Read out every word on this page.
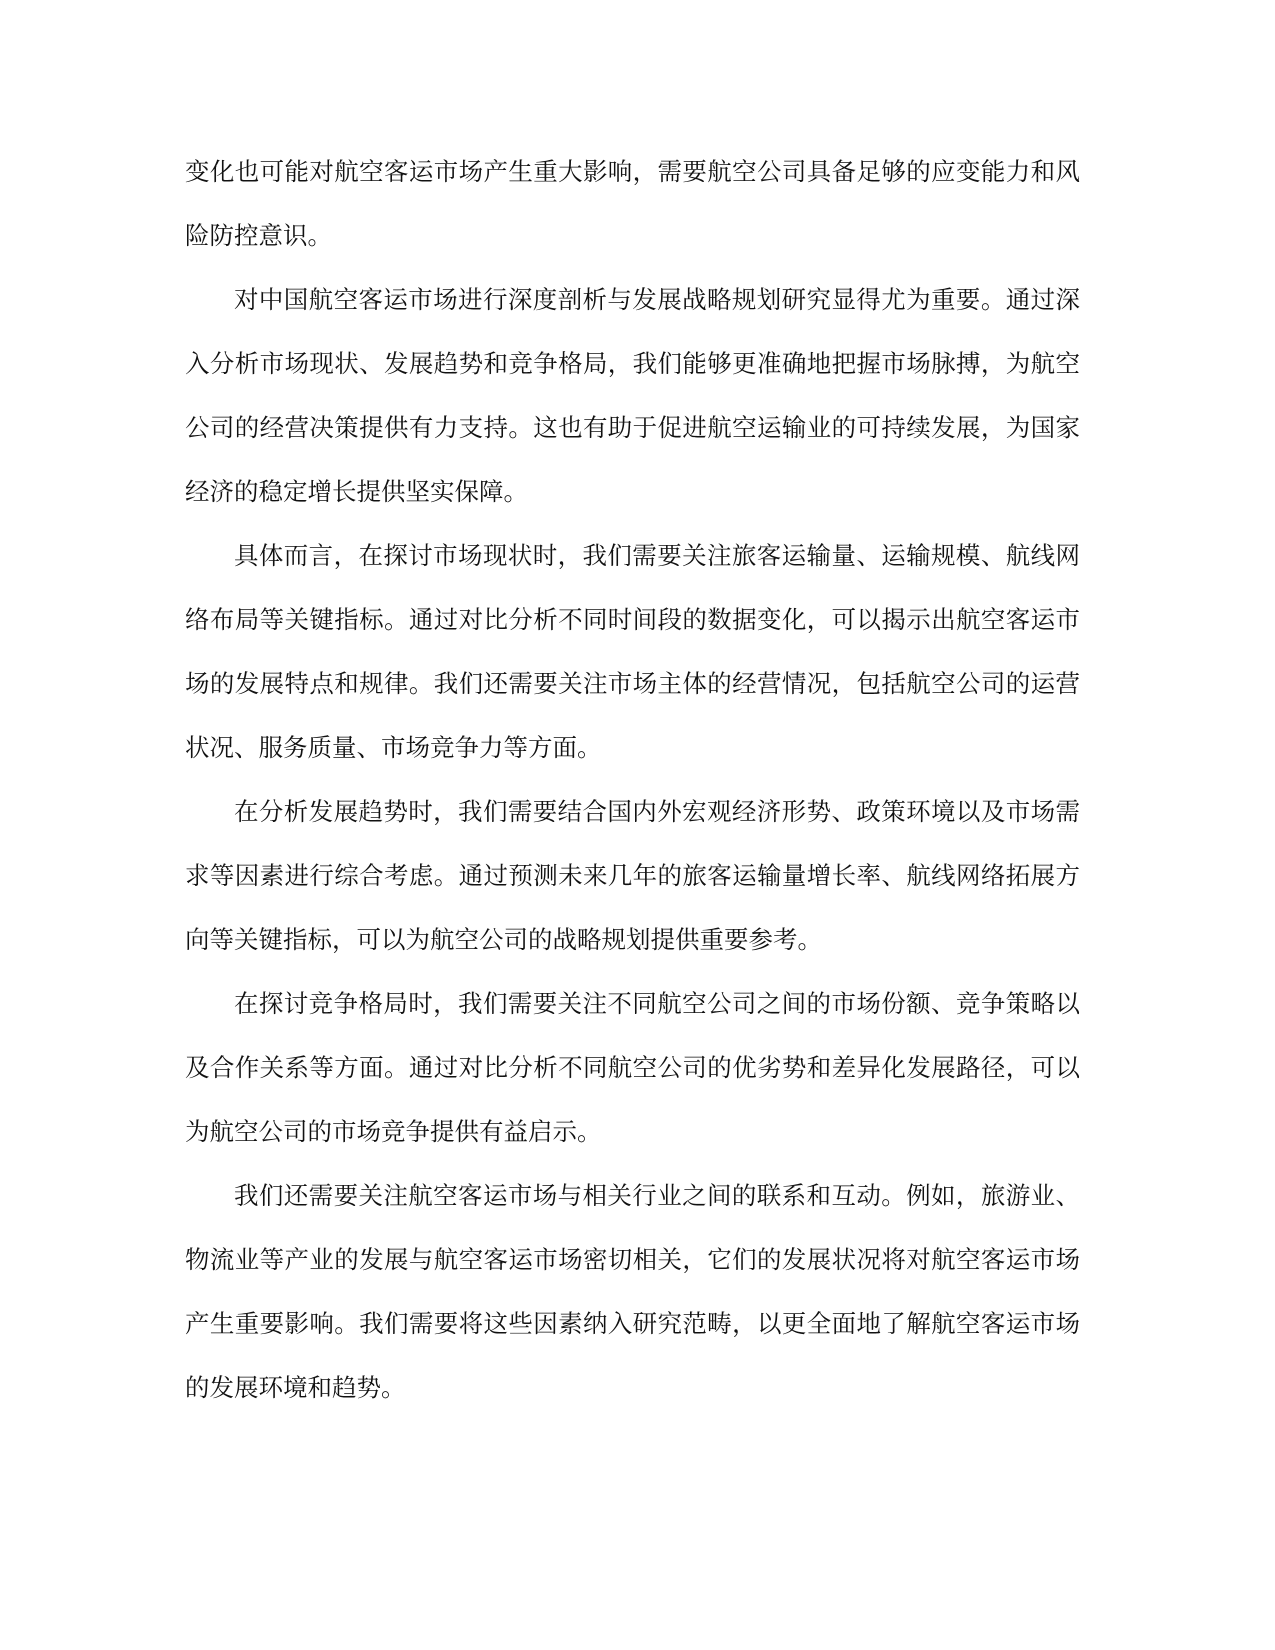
变化也可能对航空客运市场产生重大影响，需要航空公司具备足够的应变能力和风
险防控意识。
对中国航空客运市场进行深度剖析与发展战略规划研究显得尤为重要。通过深
入分析市场现状、发展趋势和竞争格局，我们能够更准确地把握市场脉搏，为航空
公司的经营决策提供有力支持。这也有助于促进航空运输业的可持续发展，为国家
经济的稳定增长提供坚实保障。
具体而言，在探讨市场现状时，我们需要关注旅客运输量、运输规模、航线网
络布局等关键指标。通过对比分析不同时间段的数据变化，可以揭示出航空客运市
场的发展特点和规律。我们还需要关注市场主体的经营情况，包括航空公司的运营
状况、服务质量、市场竞争力等方面。
在分析发展趋势时，我们需要结合国内外宏观经济形势、政策环境以及市场需
求等因素进行综合考虑。通过预测未来几年的旅客运输量增长率、航线网络拓展方
向等关键指标，可以为航空公司的战略规划提供重要参考。
在探讨竞争格局时，我们需要关注不同航空公司之间的市场份额、竞争策略以
及合作关系等方面。通过对比分析不同航空公司的优劣势和差异化发展路径，可以
为航空公司的市场竞争提供有益启示。
我们还需要关注航空客运市场与相关行业之间的联系和互动。例如，旅游业、
物流业等产业的发展与航空客运市场密切相关，它们的发展状况将对航空客运市场
产生重要影响。我们需要将这些因素纳入研究范畴，以更全面地了解航空客运市场
的发展环境和趋势。
